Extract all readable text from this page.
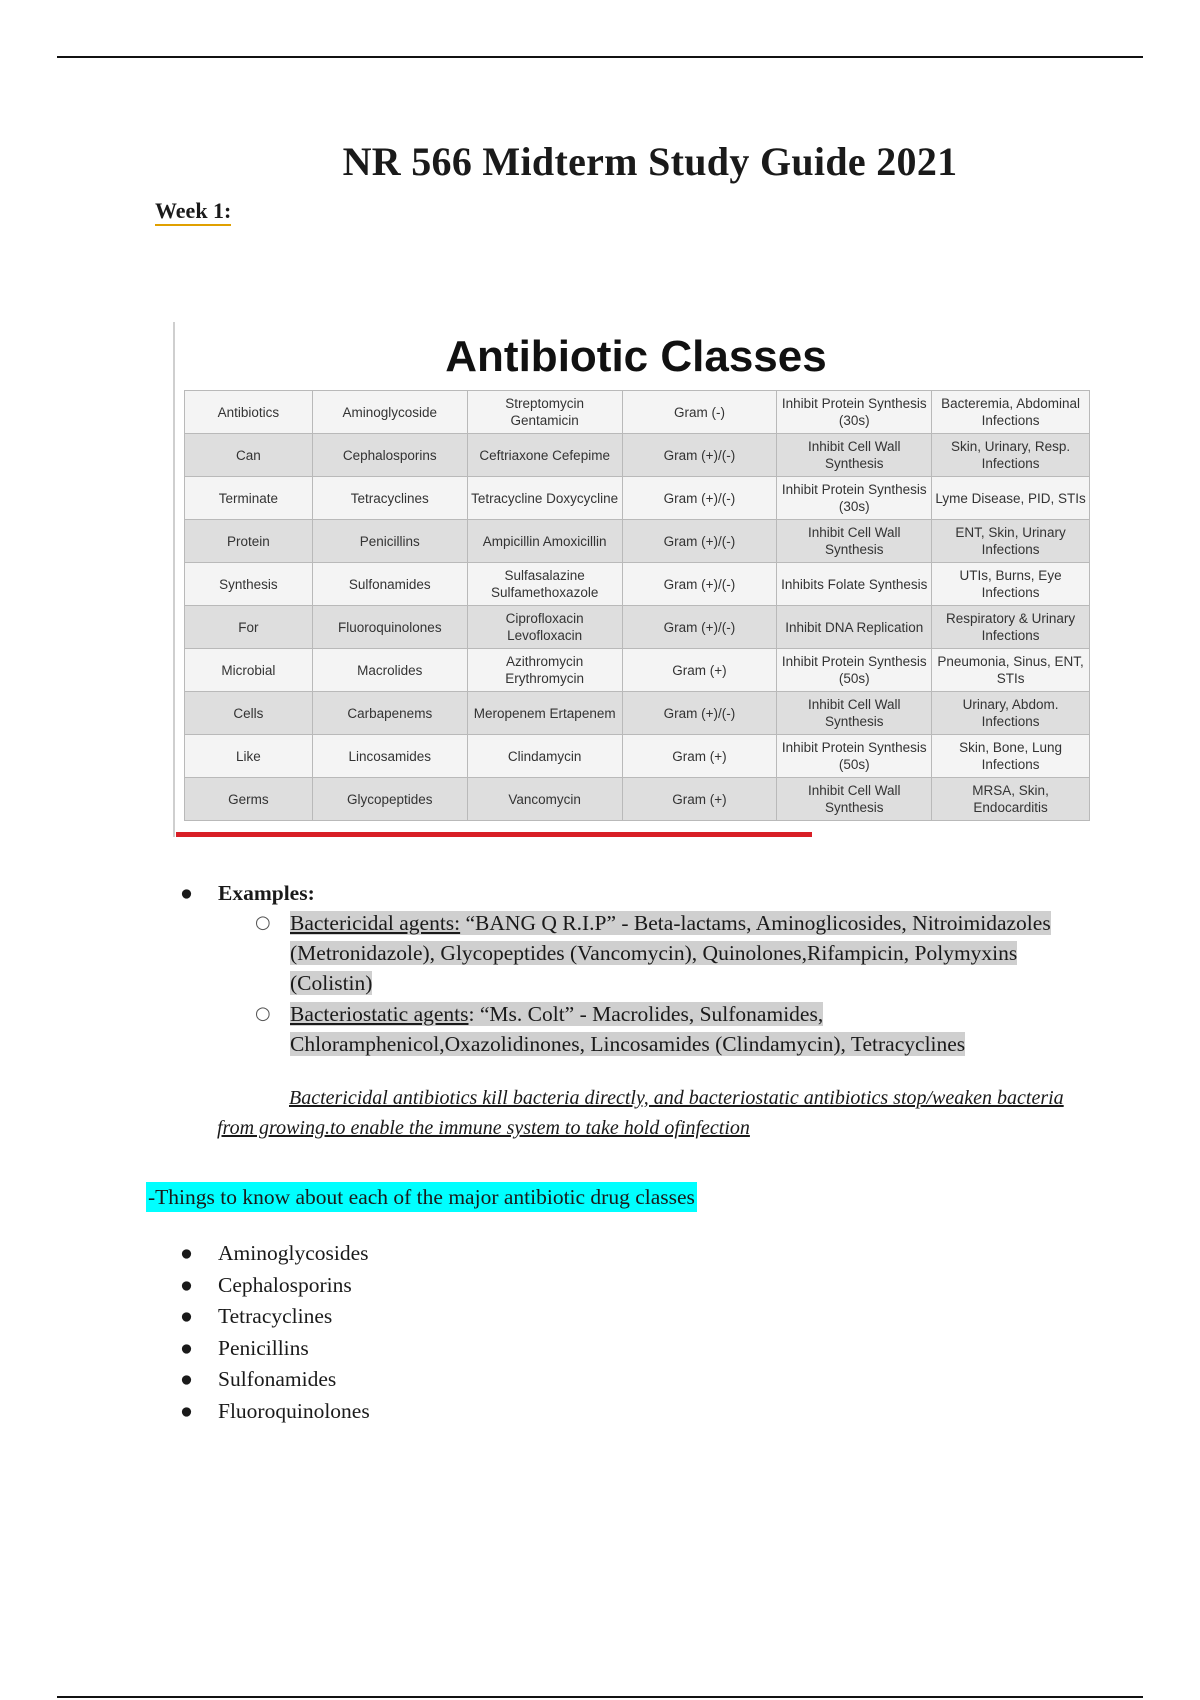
NR 566 Midterm Study Guide 2021
Week 1:
Antibiotic Classes
Antibiotics	Aminoglycoside	Streptomycin Gentamicin	Gram (-)	Inhibit Protein Synthesis (30s)	Bacteremia, Abdominal Infections
Can	Cephalosporins	Ceftriaxone Cefepime	Gram (+)/(-)	Inhibit Cell Wall Synthesis	Skin, Urinary, Resp. Infections
Terminate	Tetracyclines	Tetracycline Doxycycline	Gram (+)/(-)	Inhibit Protein Synthesis (30s)	Lyme Disease, PID, STIs
Protein	Penicillins	Ampicillin Amoxicillin	Gram (+)/(-)	Inhibit Cell Wall Synthesis	ENT, Skin, Urinary Infections
Synthesis	Sulfonamides	Sulfasalazine Sulfamethoxazole	Gram (+)/(-)	Inhibits Folate Synthesis	UTIs, Burns, Eye Infections
For	Fluoroquinolones	Ciprofloxacin Levofloxacin	Gram (+)/(-)	Inhibit DNA Replication	Respiratory & Urinary Infections
Microbial	Macrolides	Azithromycin Erythromycin	Gram (+)	Inhibit Protein Synthesis (50s)	Pneumonia, Sinus, ENT, STIs
Cells	Carbapenems	Meropenem Ertapenem	Gram (+)/(-)	Inhibit Cell Wall Synthesis	Urinary, Abdom. Infections
Like	Lincosamides	Clindamycin	Gram (+)	Inhibit Protein Synthesis (50s)	Skin, Bone, Lung Infections
Germs	Glycopeptides	Vancomycin	Gram (+)	Inhibit Cell Wall Synthesis	MRSA, Skin, Endocarditis
● Examples:
○ Bactericidal agents: “BANG Q R.I.P” - Beta-lactams, Aminoglicosides, Nitroimidazoles (Metronidazole), Glycopeptides (Vancomycin), Quinolones,Rifampicin, Polymyxins (Colistin)
○ Bacteriostatic agents: “Ms. Colt” - Macrolides, Sulfonamides, Chloramphenicol,Oxazolidinones, Lincosamides (Clindamycin), Tetracyclines
Bactericidal antibiotics kill bacteria directly, and bacteriostatic antibiotics stop/weaken bacteria from growing.to enable the immune system to take hold ofinfection
-Things to know about each of the major antibiotic drug classes
● Aminoglycosides
● Cephalosporins
● Tetracyclines
● Penicillins
● Sulfonamides
● Fluoroquinolones
